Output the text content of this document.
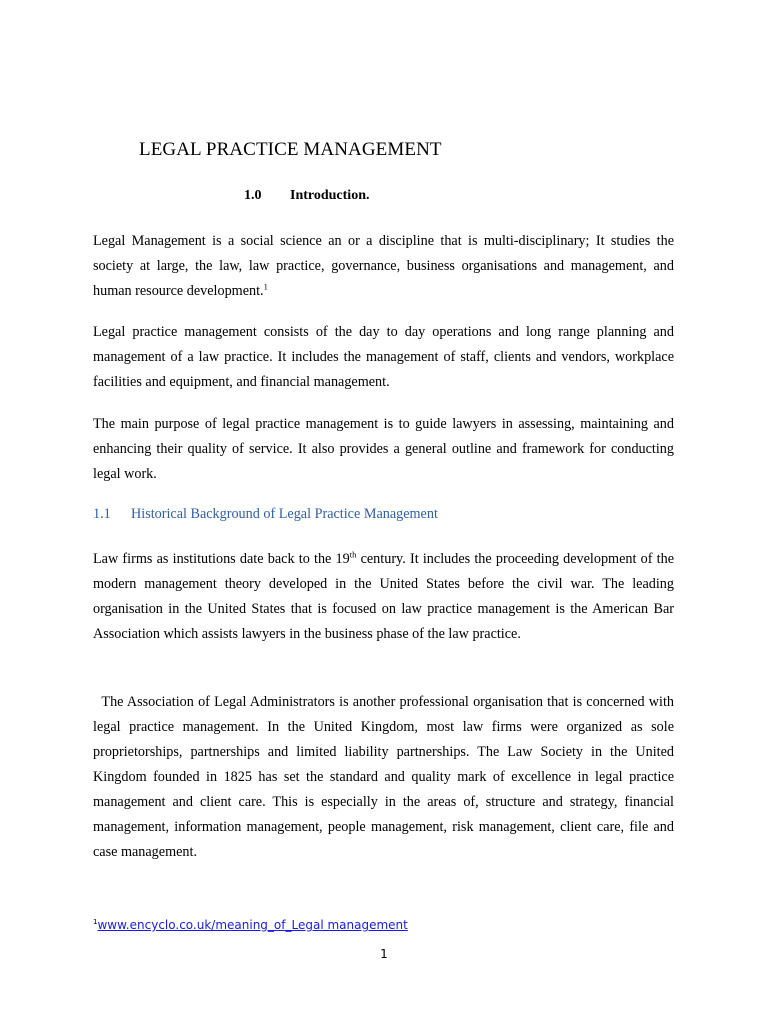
LEGAL PRACTICE MANAGEMENT
1.0 Introduction.

Legal Management is a social science an or a discipline that is multi-disciplinary; It studies the society at large, the law, law practice, governance, business organisations and management, and human resource development.$^1$

Legal practice management consists of the day to day operations and long range planning and management of a law practice. It includes the management of staff, clients and vendors, workplace facilities and equipment, and financial management.

The main purpose of legal practice management is to guide lawyers in assessing, maintaining and enhancing their quality of service. It also provides a general outline and framework for conducting legal work.

1.1 Historical Background of Legal Practice Management

Law firms as institutions date back to the 19th century. It includes the proceeding development of the modern management theory developed in the United States before the civil war. The leading organisation in the United States that is focused on law practice management is the American Bar Association which assists lawyers in the business phase of the law practice.

The Association of Legal Administrators is another professional organisation that is concerned with legal practice management. In the United Kingdom, most law firms were organized as sole proprietorships, partnerships and limited liability partnerships. The Law Society in the United Kingdom founded in 1825 has set the standard and quality mark of excellence in legal practice management and client care. This is especially in the areas of, structure and strategy, financial management, information management, people management, risk management, client care, file and case management.

$^1$www.encyclo.co.uk/meaning_of_Legal management
1
